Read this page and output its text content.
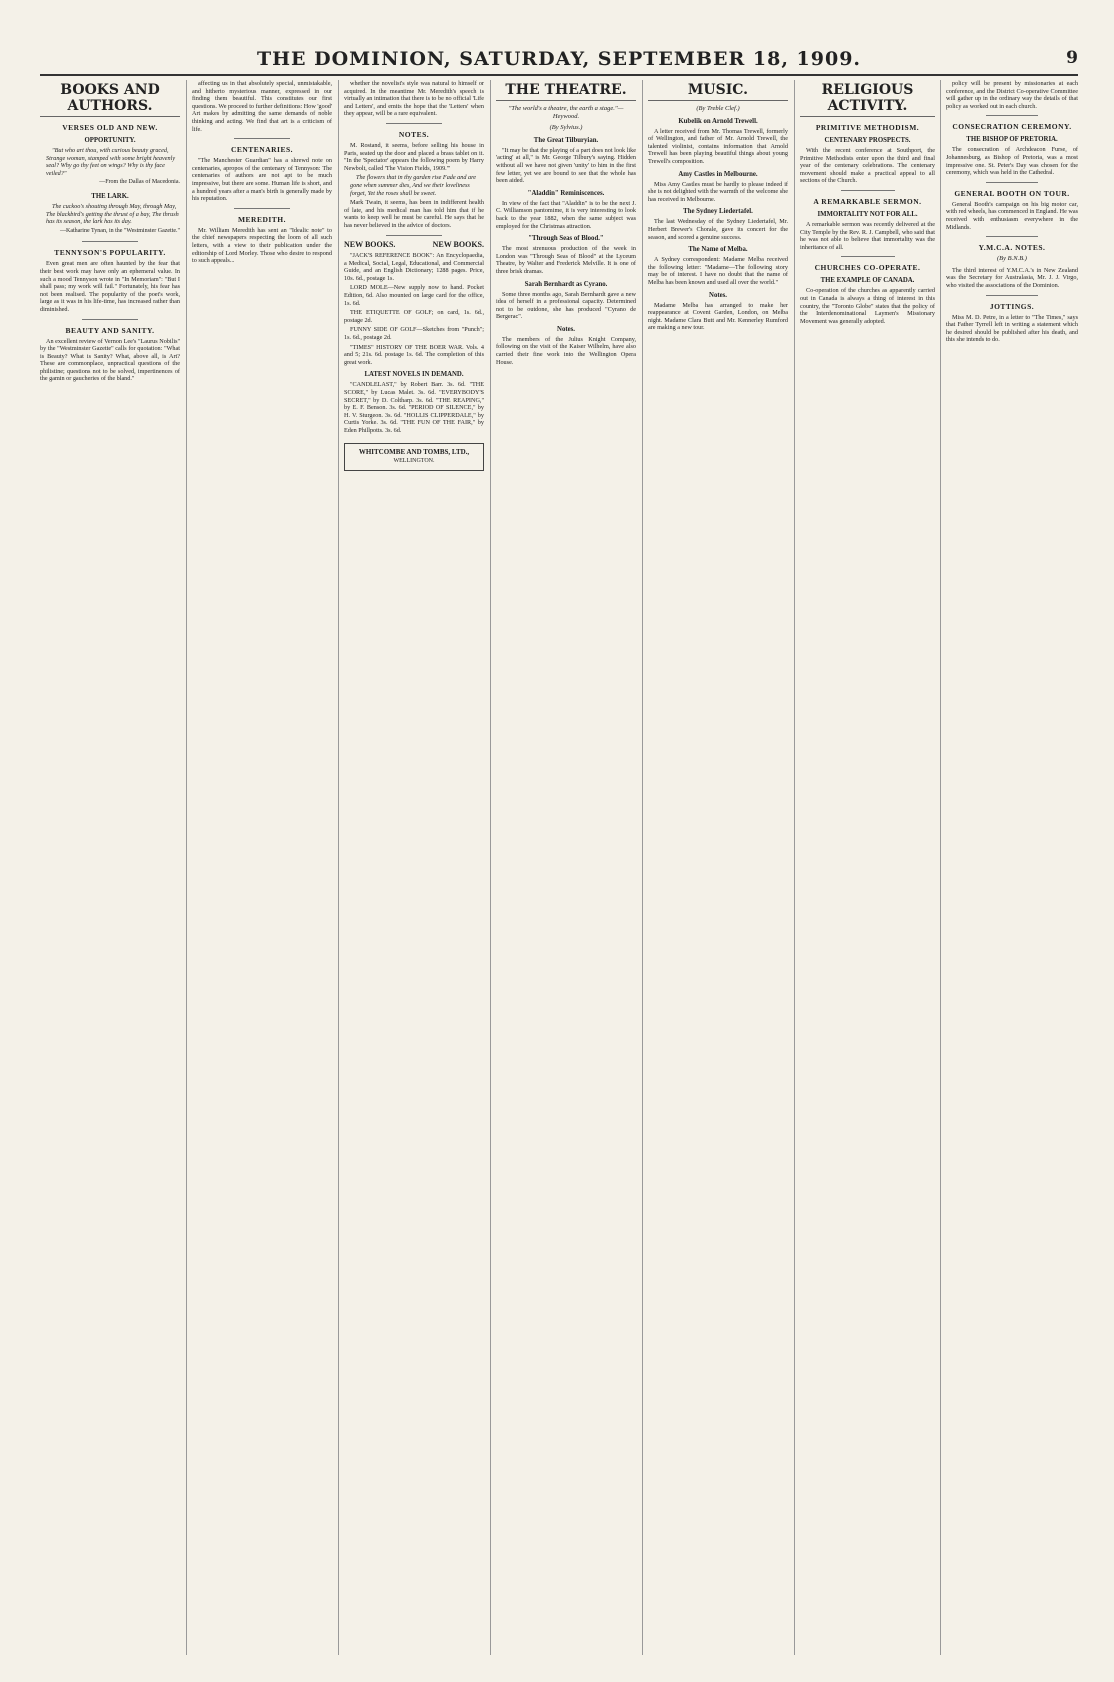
THE DOMINION, SATURDAY, SEPTEMBER 18, 1909.	9
BOOKS AND AUTHORS.
VERSES OLD AND NEW.
OPPORTUNITY.

"But who art thou, with curious beauty graced, Strange woman, stamped with some bright heavenly seal? Why go thy feet on wings? Why is thy face veiled?"

—From the Dallas of Macedonia.
THE LARK.

The cuckoo's shouting through May, through May, The blackbird's getting the thrust of a bay, The thrush has its season, the lark has its day.

—Katharine Tynan, in the "Westminster Gazette."
TENNYSON'S POPULARITY.

Even great men are often haunted by the fear that their best work may have only an ephemeral value. In such a mood Tennyson wrote in "In Memoriam": "But I shall pass; my work will fail." Fortunately, his fear has not been realised. The popularity of the poet's work, large as it was in his life-time, has increased rather than diminished.

BEAUTY AND SANITY.

An excellent review of Vernon Lee's "Laurus Nobilis" by the "Westminster Gazette" calls for quotation: "What is Beauty? What is Sanity? What, above all, is Art? These are commonplace, unpractical questions of the philistine; questions not to be solved, impertinences of the gamin or gaucheries of the bland."

affecting us in that absolutely special, unmistakable, and hitherto mysterious manner, expressed in our finding them beautiful. This constitutes our first questions. We proceed to further definitions: How 'good' Art makes by admitting the same demands of noble thinking and acting. We find that art is a criticism of life.

CENTENARIES.

"The Manchester Guardian" has a shrewd note on centenaries, apropos of the centenary of Tennyson: The centenaries of authors are not apt to be much impressive, but there are some. Human life is short, and a hundred years after a man's birth is generally made by his reputation.

MEREDITH.

Mr. William Meredith has sent an "Idealic note" to the chief newspapers respecting the loom of all such letters, with a view to their publication under the editorship of Lord Morley. Those who desire to respond to such appeals...

whether the novelist's style was natural to himself or acquired. In the meantime Mr. Meredith's speech is virtually an intimation that there is to be no official 'Life and Letters', and emits the hope that the 'Letters' when they appear, will be a rare equivalent.

NOTES.

M. Rostand, it seems, before selling his house in Paris, seated up the door and placed a brass tablet on it. "In the 'Spectator' appears the following poem by Harry Newbolt, called 'The Vision Fields, 1909.'"

The flowers that in thy garden rise Fade and are gone when summer dies, And we their loveliness forget, Yet the roses shall be sweet.

Mark Twain, it seems, has been in indifferent health of late, and his medical man has told him that if he wants to keep well he must be careful. He says that he has never believed in the advice of doctors.

NEW BOOKS.	NEW BOOKS.

"JACK'S REFERENCE BOOK": An Encyclopaedia, a Medical, Social, Legal, Educational, and Commercial Guide, and an English Dictionary; 1288 pages. Price, 10s. 6d., postage 1s.

LORD MOLE—New supply now to hand. Pocket Edition, 6d. Also mounted on large card for the office, 1s. 6d.

THE ETIQUETTE OF GOLF; on card, 1s. 6d., postage 2d.

FUNNY SIDE OF GOLF—Sketches from "Punch"; 1s. 6d., postage 2d.

"TIMES" HISTORY OF THE BOER WAR. Vols. 4 and 5; 21s. 6d. postage 1s. 6d. The completion of this great work.

LATEST NOVELS IN DEMAND.

"CANDLELAST," by Robert Barr. 3s. 6d. "THE SCORE," by Lucas Malet. 3s. 6d. "EVERYBODY'S SECRET," by D. Coltharp. 3s. 6d. "THE REAPING," by E. F. Benson. 3s. 6d. "PERIOD OF SILENCE," by H. V. Sturgeon. 3s. 6d. "HOLLIS CLIPPERDALE," by Curtis Yorke. 3s. 6d. "THE FUN OF THE FAIR," by Eden Phillpotts. 3s. 6d.

WHITCOMBE AND TOMBS, LTD.,
WELLINGTON.
THE THEATRE.
"The world's a theatre, the earth a stage."—Heywood.
(By Sylvius.)
The Great Tilburyian.

"It may be that the playing of a part does not look like 'acting' at all," is Mr. George Tilbury's saying. Hidden without all we have not given 'unity' to him in the first few letter, yet we are bound to see that the whole has been aided.

"Aladdin" Reminiscences.

In view of the fact that "Aladdin" is to be the next J. C. Williamson pantomime, it is very interesting to look back to the year 1882, when the same subject was employed for the Christmas attraction.

"Through Seas of Blood."

The most strenuous production of the week in London was "Through Seas of Blood" at the Lyceum Theatre, by Walter and Frederick Melville. It is one of three brisk dramas.

Sarah Bernhardt as Cyrano.

Some three months ago, Sarah Bernhardt gave a new idea of herself in a professional capacity. Determined not to be outdone, she has produced "Cyrano de Bergerac".

Notes.

The members of the Julius Knight Company, following on the visit of the Kaiser Wilhelm, have also carried their fine work into the Wellington Opera House.

MUSIC.
(By Treble Clef.)
Kubelik on Arnold Trewell.

A letter received from Mr. Thomas Trewell, formerly of Wellington, and father of Mr. Arnold Trewell, the talented violinist, contains information that Arnold Trewell has been playing beautiful things about young Trewell's composition.

Amy Castles in Melbourne.

Miss Amy Castles must be hardly to please indeed if she is not delighted with the warmth of the welcome she has received in Melbourne.

The Sydney Liedertafel.

The last Wednesday of the Sydney Liedertafel, Mr. Herbert Brewer's Chorale, gave its concert for the season, and scored a genuine success.

The Name of Melba.

A Sydney correspondent: Madame Melba received the following letter: "Madame—The following story may be of interest. I have no doubt that the name of Melba has been known and used all over the world."

Notes.

Madame Melba has arranged to make her reappearance at Covent Garden, London, on Melba night. Madame Clara Butt and Mr. Kennerley Rumford are making a new tour.

RELIGIOUS ACTIVITY.
PRIMITIVE METHODISM.
CENTENARY PROSPECTS.

With the recent conference at Southport, the Primitive Methodists enter upon the third and final year of the centenary celebrations. The centenary movement should make a practical appeal to all sections of the Church.

A REMARKABLE SERMON.
IMMORTALITY NOT FOR ALL.

A remarkable sermon was recently delivered at the City Temple by the Rev. R. J. Campbell, who said that he was not able to believe that immortality was the inheritance of all.

CHURCHES CO-OPERATE.
THE EXAMPLE OF CANADA.

Co-operation of the churches as apparently carried out in Canada is always a thing of interest in this country, the "Toronto Globe" states that the policy of the Interdenominational Laymen's Missionary Movement was generally adopted.

policy will be present by missionaries at each conference, and the District Co-operative Committee will gather up in the ordinary way the details of that policy as worked out in each church.

CONSECRATION CEREMONY.
THE BISHOP OF PRETORIA.

The consecration of Archdeacon Furse, of Johannesburg, as Bishop of Pretoria, was a most impressive one. St. Peter's Day was chosen for the ceremony, which was held in the Cathedral.

GENERAL BOOTH ON TOUR.

General Booth's campaign on his big motor car, with red wheels, has commenced in England. He was received with enthusiasm everywhere in the Midlands.

Y.M.C.A. NOTES.
(By B.N.B.)

The third interest of Y.M.C.A.'s in New Zealand was the Secretary for Australasia, Mr. J. J. Virgo, who visited the associations of the Dominion.

JOTTINGS.

Miss M. D. Petre, in a letter to "The Times," says that Father Tyrrell left in writing a statement which he desired should be published after his death, and this she intends to do.
